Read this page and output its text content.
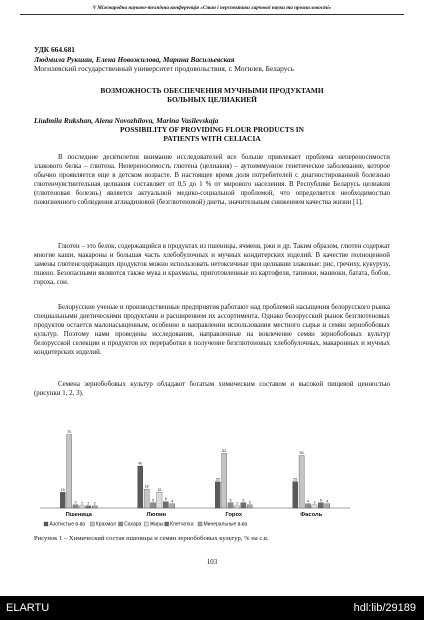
V Міжнародна науково-технічна конференція «Стан і перспективи харчової науки та промисловості»
УДК 664.681
Людмила Рукшан, Елена Новожилова, Марина Васильевская
Могилевский государственный университет продовольствия, г. Могилев, Беларусь
ВОЗМОЖНОСТЬ ОБЕСПЕЧЕНИЯ МУЧНЫМИ ПРОДУКТАМИ
БОЛЬНЫХ ЦЕЛИАКИЕЙ
Liudmila Rukshan, Alena Novozhilova, Marina Vasilevskaja
POSSIBILITY OF PROVIDING FLOUR PRODUCTS IN
PATIENTS WITH CELIACIA
В последние десятилетия внимание исследователей все больше привлекает проблема непереносимости злакового белка – глютена. Непереносимость глютена (целиакия) – аутоиммунное генетическое заболевание, которое обычно проявляется еще в детском возрасте. В настоящее время доля потребителей с диагностированной болезнью глютенчувствительная целиакия составляет от 0,5 до 1 % от мирового населения. В Республике Беларусь целиакия (глютеновая болезнь) является актуальной медико-социальной проблемой, что определяется необходимостью пожизненного соблюдения аглиадиновой (безглютеновой) диеты, значительным снижением качества жизни [1].
Глютен – это белок, содержащийся в продуктах из пшеницы, ячменя, ржи и др. Таким образом, глютен содержат многие каши, макароны и большая часть хлебобулочных и мучных кондитерских изделий. В качестве полноценной замены глютенсодержащих продуктов можно использовать нетоксичные при целиакии злаковые: рис, гречиху, кукурузу, пшено. Безопасными являются также мука и крахмалы, приготовленные из картофеля, тапиоки, маниоки, батата, бобов, гороха, сои.
Белорусские ученые и производственные предприятия работают над проблемой насыщения белорусского рынка специальными диетическими продуктами и расширением их ассортимента. Однако белорусский рынок безглютеновых продуктов остается малонасыщенным, особенно в направлении использования местного сырья и семян зернобобовых культур. Поэтому нами проведены исследования, направленные на вовлечение семян зернобобовых культур белорусской селекции и продуктов их переработки в получение безглютеновых хлебобулочных, макаронных и мучных кондитерских изделий.
Семена зернобобовых культур обладают богатым химическим составом и высокой пищевой ценностью (рисунки 1, 2, 3).
15
70
3 2 2 2
Пшеница
40
18
5
15
6
4
Люпин
25
52
5
2
5
3
Горох
25
50
4 3
5 4
Фасоль
Азотистые в-ва Крахмал Сахара Жиры Клетчатка Минеральные в-ва
Рисунок 1 – Химический состав пшеницы и семян зернобобовых культур, % на с.в.
103
ELARTU	hdl:lib/29189
